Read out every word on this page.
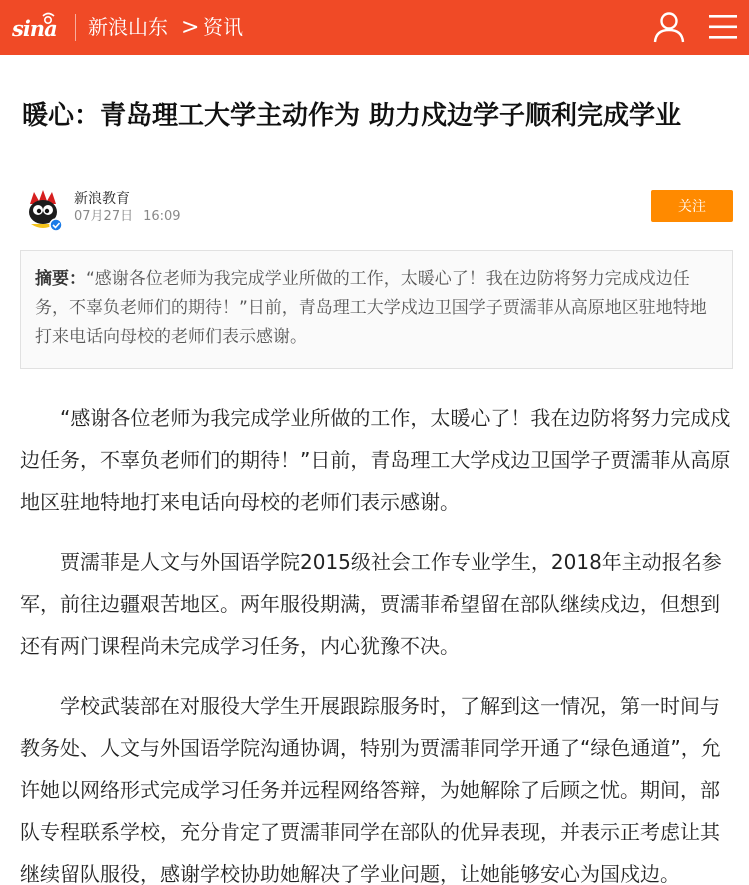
sina 新浪山东 > 资讯
暖心：青岛理工大学主动作为 助力戍边学子顺利完成学业
新浪教育
07月27日 16:09
关注
摘要：“感谢各位老师为我完成学业所做的工作，太暖心了！我在边防将努力完成戍边任务，不辜负老师们的期待！”日前，青岛理工大学戍边卫国学子贾濡菲从高原地区驻地特地打来电话向母校的老师们表示感谢。

“感谢各位老师为我完成学业所做的工作，太暖心了！我在边防将努力完成戍边任务，不辜负老师们的期待！”日前，青岛理工大学戍边卫国学子贾濡菲从高原地区驻地特地打来电话向母校的老师们表示感谢。

贾濡菲是人文与外国语学院2015级社会工作专业学生，2018年主动报名参军，前往边疆艰苦地区。两年服役期满，贾濡菲希望留在部队继续戍边，但想到还有两门课程尚未完成学习任务，内心犹豫不决。

学校武装部在对服役大学生开展跟踪服务时，了解到这一情况，第一时间与教务处、人文与外国语学院沟通协调，特别为贾濡菲同学开通了“绿色通道”，允许她以网络形式完成学习任务并远程网络答辩，为她解除了后顾之忧。期间，部队专程联系学校，充分肯定了贾濡菲同学在部队的优异表现，并表示正考虑让其继续留队服役，感谢学校协助她解决了学业问题，让她能够安心为国戍边。
